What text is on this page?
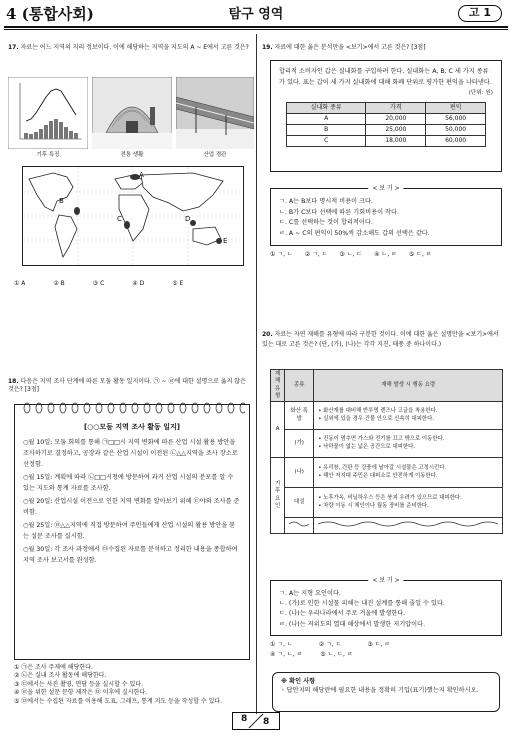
4 (통합사회)	탐구 영역	고 1
17. 자료는 어느 지역의 지리 정보이다. 이에 해당하는 지역을 지도의 A ~ E에서 고른 것은?
기후 특징	전통 생활	산업 경관
A
B
C	D
E
① A	② B	③ C	④ D	⑤ E
18. 다음은 지역 조사 단계에 따른 모둠 활동 일지이다. ㉠ ~ ㉣에 대한 설명으로 옳지 않은 것은? [3점]
[○○모둠 지역 조사 활동 일지]
○월 10일: 모둠 회의를 통해 ㉠□□시 지역 변화에 따른 산업 시설 활용 방안을 조사하기로 결정하고, 공장과 같은 산업 시설이 이전된 ㉡△△지역을 조사 장소로 선정함.
○월 15일: 계획에 따라 ㉡□□시청에 방문하여 과거 산업 시설의 분포를 알 수 있는 지도와 통계 자료를 조사함.
○월 20일: 산업시설 이전으로 인한 지역 변화를 알아보기 위해 ㉢야외 조사를 준비함.
○월 25일: ㉣△△지역에 직접 방문하여 주민들에게 산업 시설의 활용 방안을 묻는 설문 조사를 실시함.
○월 30일: 각 조사 과정에서 ㉤수집된 자료를 분석하고 정리한 내용을 종합하여 지역 조사 보고서를 완성함.
① ㉠은 조사 주제에 해당한다.
② ㉡은 실내 조사 활동에 해당한다.
③ ㉢에서는 사진 촬영, 면담 등을 실시할 수 있다.
④ ㉣을 위한 설문 문항 제작은 ㉤ 이후에 실시한다.
⑤ ㉤에서는 수집된 자료를 이용해 도표, 그래프, 통계 지도 등을 작성할 수 있다.
19. 자료에 대한 옳은 분석만을 <보기>에서 고른 것은? [3점]
합리적 소비자인 갑은 실내화를 구입하려 한다. 실내화는 A, B, C 세 가지 종류가 있다. 표는 갑이 세 가지 실내화에 대해 화폐 단위로 평가한 편익을 나타낸다.
(단위: 원)
실내화 종류	가격	편익
A	20,000	56,000
B	25,000	50,000
C	18,000	60,000
< 보 기 >
ㄱ. A는 B보다 명시적 비용이 크다.
ㄴ. B가 C보다 선택에 따른 기회비용이 작다.
ㄷ. C를 선택하는 것이 합리적이다.
ㄹ. A ~ C의 편익이 50%씩 감소해도 갑의 선택은 같다.
① ㄱ, ㄴ ② ㄱ, ㄷ ③ ㄴ, ㄷ ④ ㄴ, ㄹ ⑤ ㄷ, ㄹ
20. 자료는 자연 재해를 유형에 따라 구분한 것이다. 이에 대한 옳은 설명만을 <보기>에서 있는 대로 고른 것은? (단, (가), (나)는 각각 지진, 태풍 중 하나이다.)
재해 유형	종류	재해 발생 시 행동 요령
A	화산 폭발	• 화산재를 대비해 반투명 렌즈나 고글을 착용한다.
• 실외에 있을 경우 건물 안으로 신속히 대피한다.
	(가)	• 진동이 멈추면 가스와 전기를 끄고 밖으로 이동한다.
• 낙하물이 없는 넓은 공간으로 대피한다.
기후 요인	(나)	• 유리창, 간판 등 강풍에 날아갈 시설물은 고정시킨다.
• 해안 저지대 주민은 대피소로 안전하게 이동한다.
	대설	• 노후가옥, 비닐하우스 등은 붕괴 우려가 있으므로 대피한다.
• 차량 이동 시 체인이나 월동 장비를 준비한다.

< 보 기 >
ㄱ. A는 지형 요인이다.
ㄴ. (가)로 인한 시설물 피해는 내진 설계를 통해 줄일 수 있다.
ㄷ. (나)는 우리나라에서 주로 겨울에 발생한다.
ㄹ. (나)는 저위도의 열대 해상에서 발생한 저기압이다.
① ㄱ, ㄴ	② ㄱ, ㄷ	③ ㄷ, ㄹ
④ ㄱ, ㄴ, ㄹ	⑤ ㄴ, ㄷ, ㄹ
※ 확인 사항
◦ 답안지의 해당란에 필요한 내용을 정확히 기입(표기)했는지 확인하시오.
8 8
